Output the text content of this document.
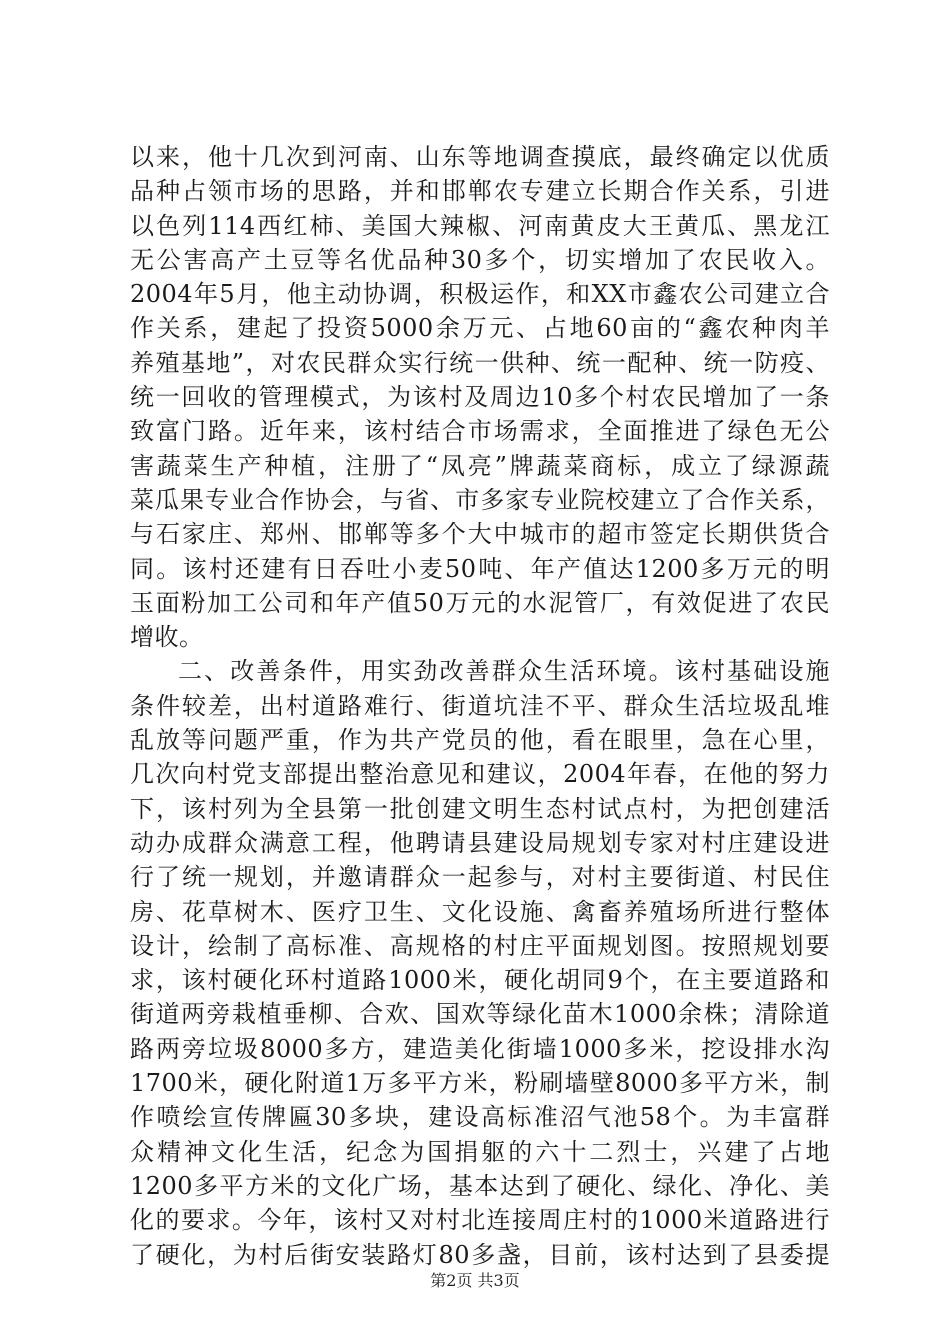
以来，他十几次到河南、山东等地调查摸底，最终确定以优质
品种占领市场的思路，并和邯郸农专建立长期合作关系，引进
以色列114西红柿、美国大辣椒、河南黄皮大王黄瓜、黑龙江
无公害高产土豆等名优品种30多个，切实增加了农民收入。
2004年5月，他主动协调，积极运作，和XX市鑫农公司建立合
作关系，建起了投资5000余万元、占地60亩的“鑫农种肉羊
养殖基地”，对农民群众实行统一供种、统一配种、统一防疫、
统一回收的管理模式，为该村及周边10多个村农民增加了一条
致富门路。近年来，该村结合市场需求，全面推进了绿色无公
害蔬菜生产种植，注册了“凤亮”牌蔬菜商标，成立了绿源蔬
菜瓜果专业合作协会，与省、市多家专业院校建立了合作关系，
与石家庄、郑州、邯郸等多个大中城市的超市签定长期供货合
同。该村还建有日吞吐小麦50吨、年产值达1200多万元的明
玉面粉加工公司和年产值50万元的水泥管厂，有效促进了农民
增收。
二、改善条件，用实劲改善群众生活环境。该村基础设施
条件较差，出村道路难行、街道坑洼不平、群众生活垃圾乱堆
乱放等问题严重，作为共产党员的他，看在眼里，急在心里，
几次向村党支部提出整治意见和建议，2004年春，在他的努力
下，该村列为全县第一批创建文明生态村试点村，为把创建活
动办成群众满意工程，他聘请县建设局规划专家对村庄建设进
行了统一规划，并邀请群众一起参与，对村主要街道、村民住
房、花草树木、医疗卫生、文化设施、禽畜养殖场所进行整体
设计，绘制了高标准、高规格的村庄平面规划图。按照规划要
求，该村硬化环村道路1000米，硬化胡同9个，在主要道路和
街道两旁栽植垂柳、合欢、国欢等绿化苗木1000余株；清除道
路两旁垃圾8000多方，建造美化街墙1000多米，挖设排水沟
1700米，硬化附道1万多平方米，粉刷墙壁8000多平方米，制
作喷绘宣传牌匾30多块，建设高标准沼气池58个。为丰富群
众精神文化生活，纪念为国捐躯的六十二烈士，兴建了占地
1200多平方米的文化广场，基本达到了硬化、绿化、净化、美
化的要求。今年，该村又对村北连接周庄村的1000米道路进行
了硬化，为村后街安装路灯80多盏，目前，该村达到了县委提
第2页 共3页
